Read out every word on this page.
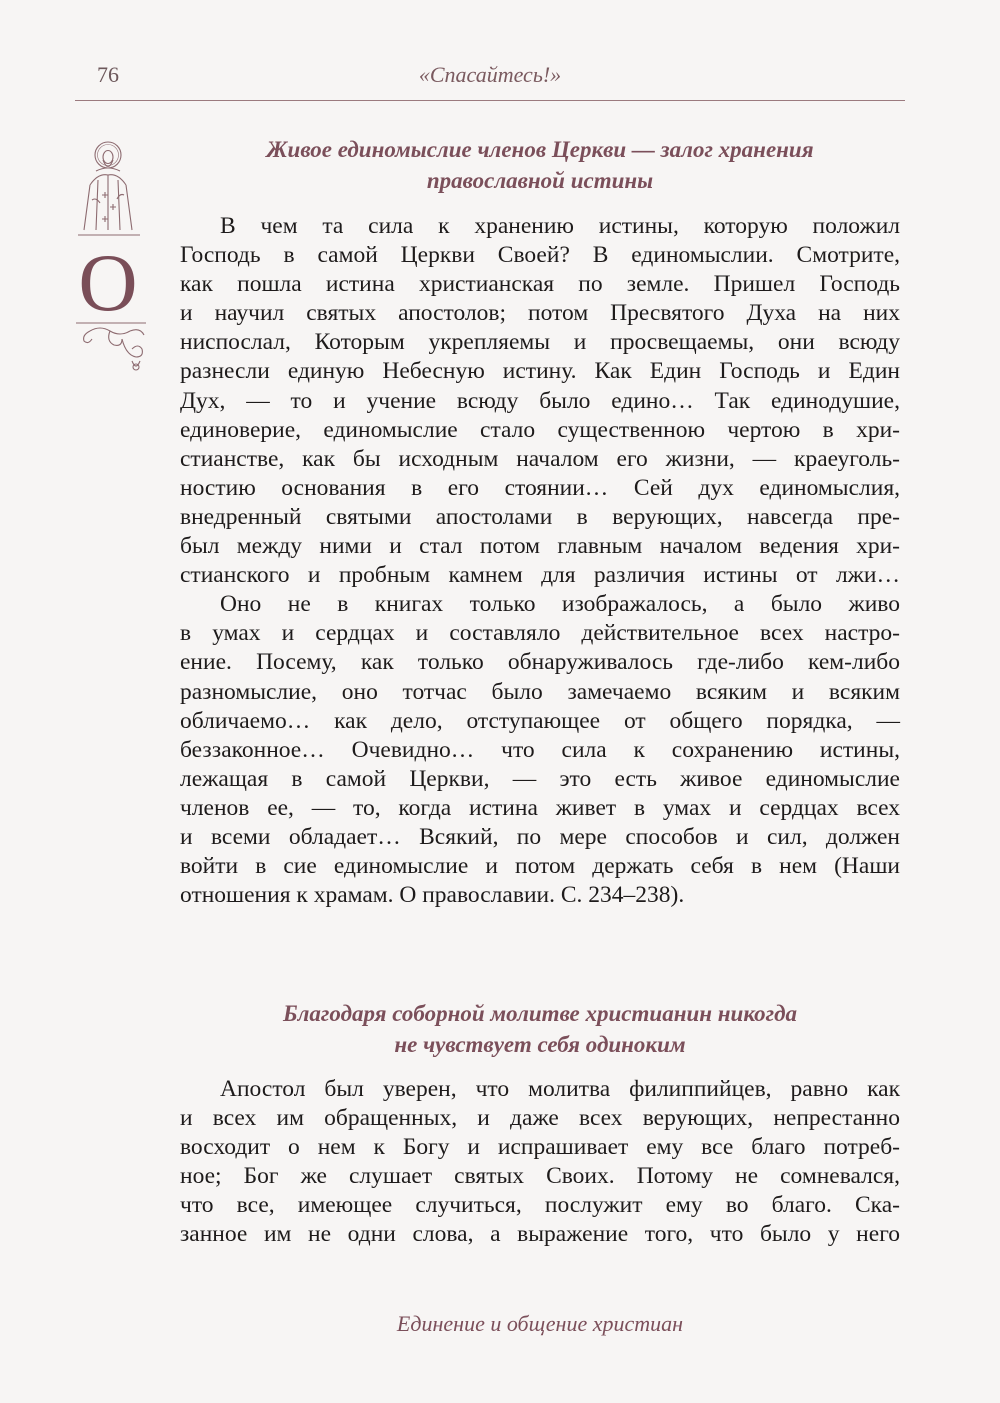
76	«Спасайтесь!»
О
Живое единомыслие членов Церкви — залог хранения
православной истины
В чем та сила к хранению истины, которую положил
Господь в самой Церкви Своей? В единомыслии. Смотрите,
как пошла истина христианская по земле. Пришел Господь
и научил святых апостолов; потом Пресвятого Духа на них
ниспослал, Которым укрепляемы и просвещаемы, они всюду
разнесли единую Небесную истину. Как Един Господь и Един
Дух, — то и учение всюду было едино… Так единодушие,
единоверие, единомыслие стало существенною чертою в хри-
стианстве, как бы исходным началом его жизни, — краеуголь-
ностию основания в его стоянии… Сей дух единомыслия,
внедренный святыми апостолами в верующих, навсегда пре-
был между ними и стал потом главным началом ведения хри-
стианского и пробным камнем для различия истины от лжи…
Оно не в книгах только изображалось, а было живо
в умах и сердцах и составляло действительное всех настро-
ение. Посему, как только обнаруживалось где-либо кем-либо
разномыслие, оно тотчас было замечаемо всяким и всяким
обличаемо… как дело, отступающее от общего порядка, —
беззаконное… Очевидно… что сила к сохранению истины,
лежащая в самой Церкви, — это есть живое единомыслие
членов ее, — то, когда истина живет в умах и сердцах всех
и всеми обладает… Всякий, по мере способов и сил, должен
войти в сие единомыслие и потом держать себя в нем (Наши
отношения к храмам. О православии. С. 234–238).
Благодаря соборной молитве христианин никогда
не чувствует себя одиноким
Апостол был уверен, что молитва филиппийцев, равно как
и всех им обращенных, и даже всех верующих, непрестанно
восходит о нем к Богу и испрашивает ему все благо потреб-
ное; Бог же слушает святых Своих. Потому не сомневался,
что все, имеющее случиться, послужит ему во благо. Ска-
занное им не одни слова, а выражение того, что было у него
Единение и общение христиан
